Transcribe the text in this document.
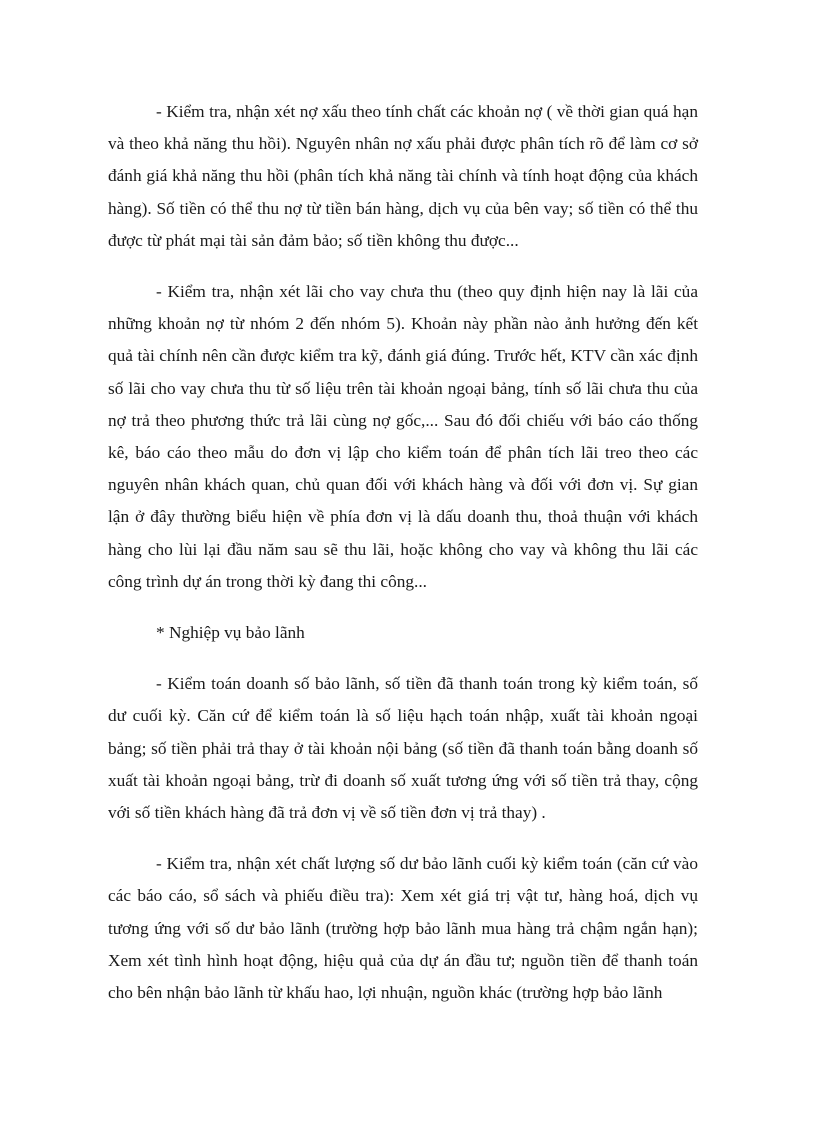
- Kiểm tra, nhận xét nợ xấu theo tính chất các khoản nợ ( về thời gian quá hạn và theo khả năng thu hồi). Nguyên nhân nợ xấu phải được phân tích rõ để làm cơ sở đánh giá khả năng thu hồi (phân tích khả năng tài chính và tính hoạt động của khách hàng). Số tiền có thể thu nợ từ tiền bán hàng, dịch vụ của bên vay; số tiền có thể thu được từ phát mại tài sản đảm bảo; số tiền không thu được...

- Kiểm tra, nhận xét lãi cho vay chưa thu (theo quy định hiện nay là lãi của những khoản nợ từ nhóm 2 đến nhóm 5). Khoản này phần nào ảnh hưởng đến kết quả tài chính nên cần được kiểm tra kỹ, đánh giá đúng. Trước hết, KTV cần xác định số lãi cho vay chưa thu từ số liệu trên tài khoản ngoại bảng, tính số lãi chưa thu của nợ trả theo phương thức trả lãi cùng nợ gốc,... Sau đó đối chiếu với báo cáo thống kê, báo cáo theo mẫu do đơn vị lập cho kiểm toán để phân tích lãi treo theo các nguyên nhân khách quan, chủ quan đối với khách hàng và đối với đơn vị. Sự gian lận ở đây thường biểu hiện về phía đơn vị là dấu doanh thu, thoả thuận với khách hàng cho lùi lại đầu năm sau sẽ thu lãi, hoặc không cho vay và không thu lãi các công trình dự án trong thời kỳ đang thi công...

* Nghiệp vụ bảo lãnh

- Kiểm toán doanh số bảo lãnh, số tiền đã thanh toán trong kỳ kiểm toán, số dư cuối kỳ. Căn cứ để kiểm toán là số liệu hạch toán nhập, xuất tài khoản ngoại bảng; số tiền phải trả thay ở tài khoản nội bảng (số tiền đã thanh toán bằng doanh số xuất tài khoản ngoại bảng, trừ đi doanh số xuất tương ứng với số tiền trả thay, cộng với số tiền khách hàng đã trả đơn vị về số tiền đơn vị trả thay) .

- Kiểm tra, nhận xét chất lượng số dư bảo lãnh cuối kỳ kiểm toán (căn cứ vào các báo cáo, sổ sách và phiếu điều tra): Xem xét giá trị vật tư, hàng hoá, dịch vụ tương ứng với số dư bảo lãnh (trường hợp bảo lãnh mua hàng trả chậm ngắn hạn); Xem xét tình hình hoạt động, hiệu quả của dự án đầu tư; nguồn tiền để thanh toán cho bên nhận bảo lãnh từ khấu hao, lợi nhuận, nguồn khác (trường hợp bảo lãnh
